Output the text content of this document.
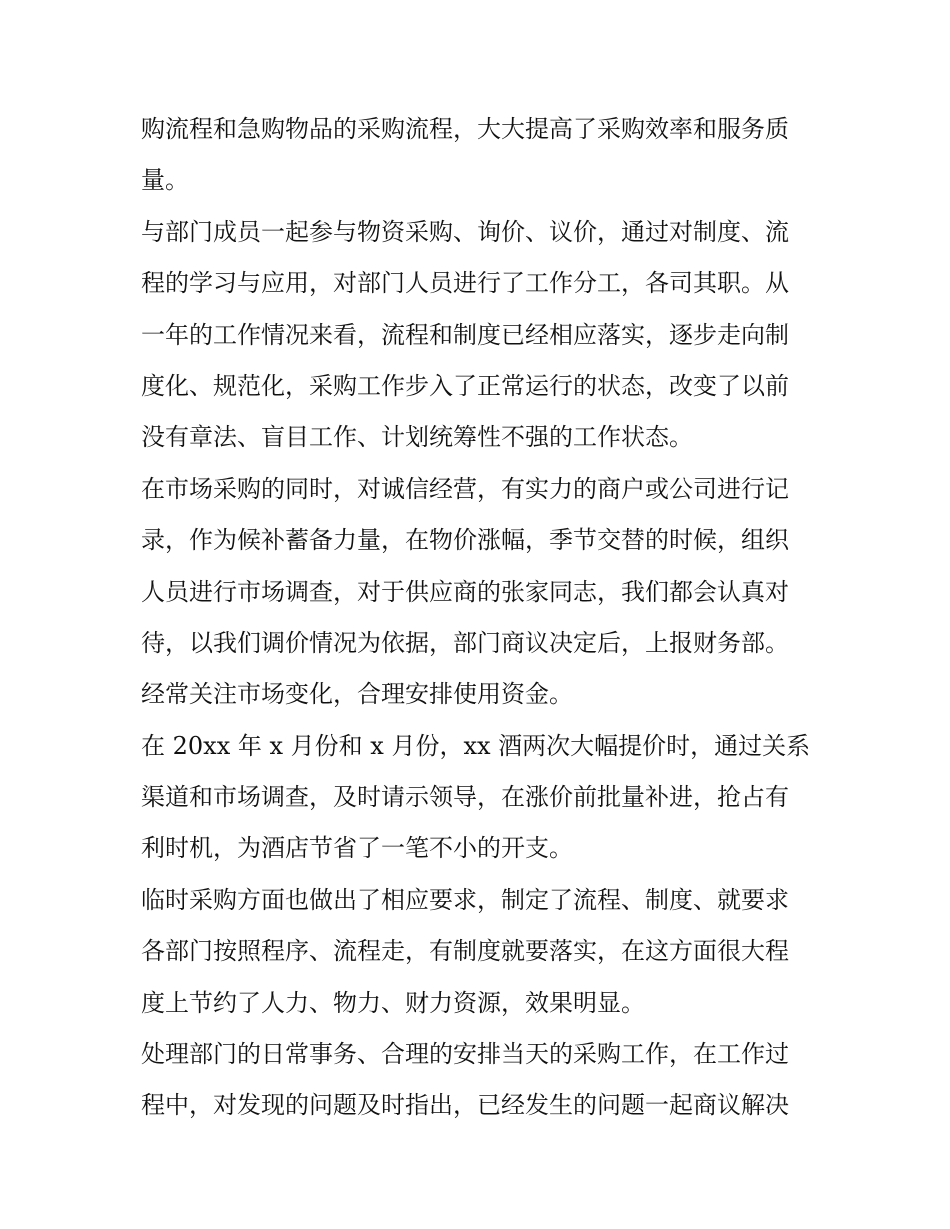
购流程和急购物品的采购流程，大大提高了采购效率和服务质
量。
与部门成员一起参与物资采购、询价、议价，通过对制度、流
程的学习与应用，对部门人员进行了工作分工，各司其职。从
一年的工作情况来看，流程和制度已经相应落实，逐步走向制
度化、规范化，采购工作步入了正常运行的状态，改变了以前
没有章法、盲目工作、计划统筹性不强的工作状态。
在市场采购的同时，对诚信经营，有实力的商户或公司进行记
录，作为候补蓄备力量，在物价涨幅，季节交替的时候，组织
人员进行市场调查，对于供应商的张家同志，我们都会认真对
待，以我们调价情况为依据，部门商议决定后，上报财务部。
经常关注市场变化，合理安排使用资金。
在 20xx 年 x 月份和 x 月份，xx 酒两次大幅提价时，通过关系
渠道和市场调查，及时请示领导，在涨价前批量补进，抢占有
利时机，为酒店节省了一笔不小的开支。
临时采购方面也做出了相应要求，制定了流程、制度、就要求
各部门按照程序、流程走，有制度就要落实，在这方面很大程
度上节约了人力、物力、财力资源，效果明显。
处理部门的日常事务、合理的安排当天的采购工作，在工作过
程中，对发现的问题及时指出，已经发生的问题一起商议解决
